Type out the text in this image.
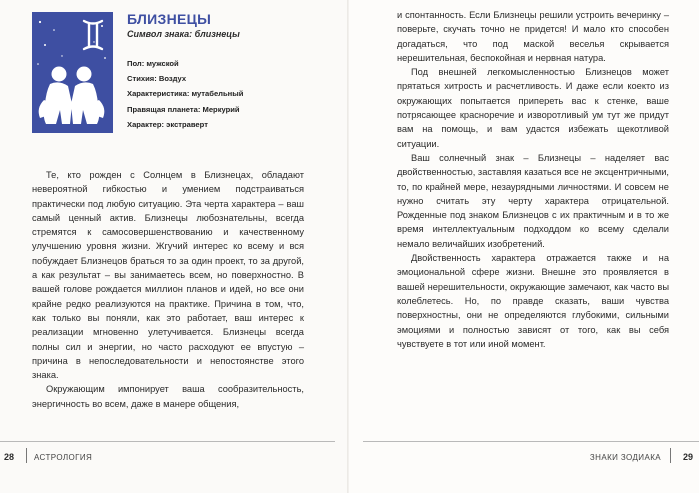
БЛИЗНЕЦЫ
Символ знака: близнецы
Пол: мужской
Стихия: Воздух
Характеристика: мутабельный
Правящая планета: Меркурий
Характер: экстраверт

Те, кто рожден с Солнцем в Близнецах, обладают невероятной гибкостью и умением подстраиваться практически под любую ситуацию. Эта черта характера – ваш самый ценный актив. Близнецы любознательны, всегда стремятся к самосовершенствованию и качественному улучшению уровня жизни. Жгучий интерес ко всему и вся побуждает Близнецов браться то за один проект, то за другой, а как результат – вы занимаетесь всем, но поверхностно. В вашей голове рождается миллион планов и идей, но все они крайне редко реализуются на практике. Причина в том, что, как только вы поняли, как это работает, ваш интерес к реализации мгновенно улетучивается. Близнецы всегда полны сил и энергии, но часто расходуют ее впустую – причина в непоследовательности и непостоянстве этого знака.

Окружающим импонирует ваша сообразительность, энергичность во всем, даже в манере общения,

28 АСТРОЛОГИЯ

и спонтанность. Если Близнецы решили устроить вечеринку – поверьте, скучать точно не придется! И мало кто способен догадаться, что под маской веселья скрывается нерешительная, беспокойная и нервная натура.

Под внешней легкомысленностью Близнецов может прятаться хитрость и расчетливость. И даже если коeкто из окружающих попытается припереть вас к стенке, ваше потрясающее красноречие и изворотливый ум тут же придут вам на помощь, и вам удастся избежать щeкотливой ситуации.

Ваш солнечный знак – Близнецы – наделяет вас двойственностью, заставляя казаться все не эксцентричными, то, по крайней мере, незаурядными личностями. И совсем не нужно считать эту черту характера отрицательной. Рожденные под знаком Близнецов с их практичным и в то же время интеллектуальным подходдом ко всему сделали немало величайших изобретений.

Двойственность характера отражается также и на эмоциональной сфере жизни. Внешне это проявляется в вашей нерешительности, окружающие замечают, как часто вы колеблетесь. Но, по правде сказать, ваши чувства поверхностны, они не определяются глубокими, сильными эмоциями и полностью зависят от того, как вы себя чувствуете в тот или иной момент.

ЗНАКИ ЗОДИАКА 29
